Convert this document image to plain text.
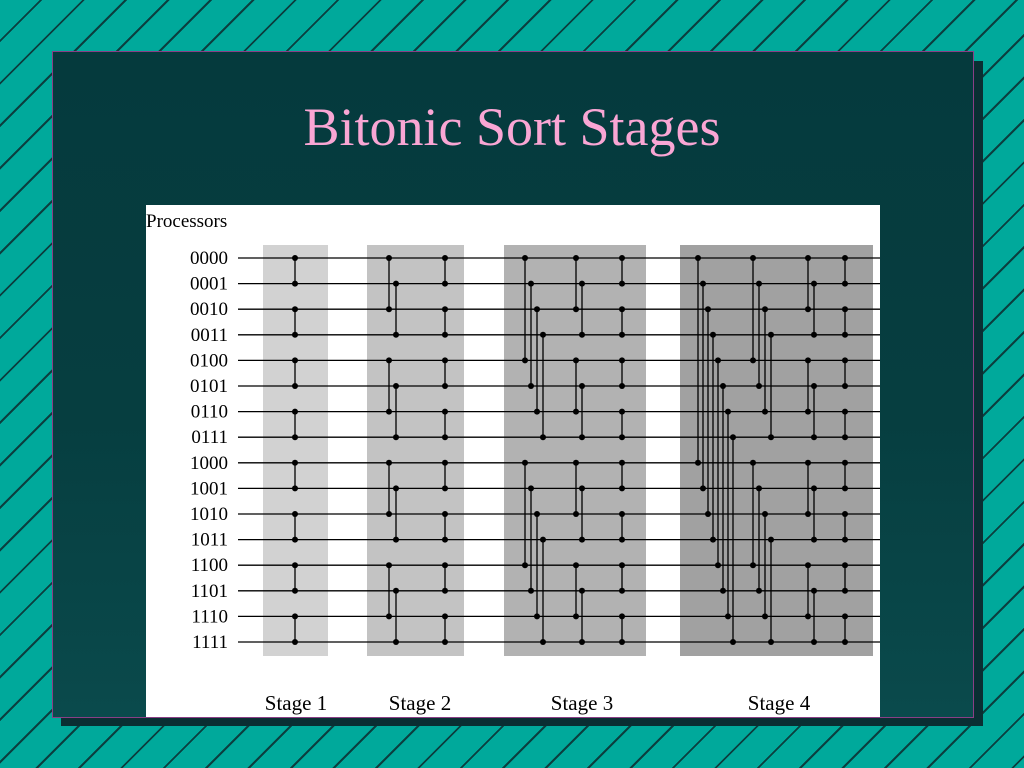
Bitonic Sort Stages
Stage 1	Stage 2	Stage 3	Stage 4
0000
0001
0010
0011
0100
0101
0110
0111
1000
1001
1010
1011
1100
1101
1110
1111
Processors
